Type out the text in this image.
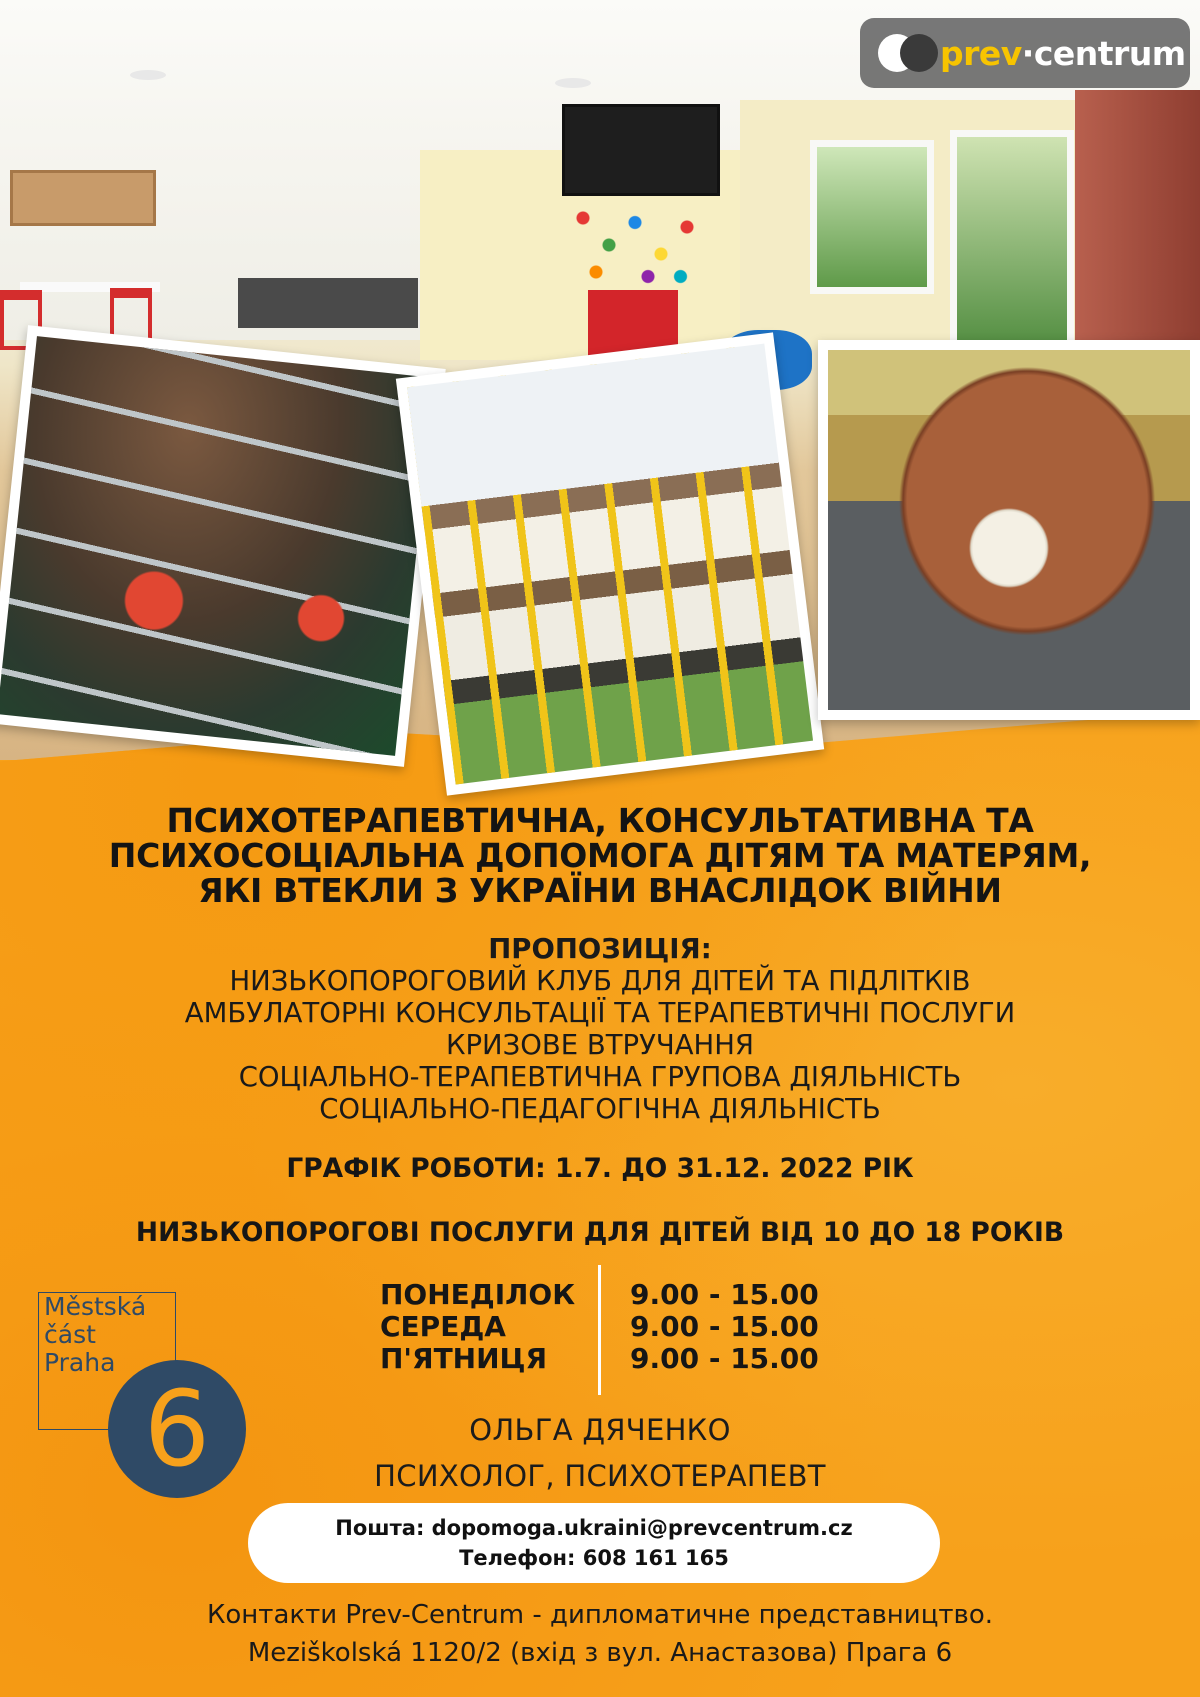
prev·centrum
ПСИХОТЕРАПЕВТИЧНА, КОНСУЛЬТАТИВНА ТА
ПСИХОСОЦІАЛЬНА ДОПОМОГА ДІТЯМ ТА МАТЕРЯМ,
ЯКІ ВТЕКЛИ З УКРАЇНИ ВНАСЛІДОК ВІЙНИ
ПРОПОЗИЦІЯ:
НИЗЬКОПОРОГОВИЙ КЛУБ ДЛЯ ДІТЕЙ ТА ПІДЛІТКІВ
АМБУЛАТОРНІ КОНСУЛЬТАЦІЇ ТА ТЕРАПЕВТИЧНІ ПОСЛУГИ
КРИЗОВЕ ВТРУЧАННЯ
СОЦІАЛЬНО-ТЕРАПЕВТИЧНА ГРУПОВА ДІЯЛЬНІСТЬ
СОЦІАЛЬНО-ПЕДАГОГІЧНА ДІЯЛЬНІСТЬ
ГРАФІК РОБОТИ: 1.7. ДО 31.12. 2022 РІК
НИЗЬКОПОРОГОВІ ПОСЛУГИ ДЛЯ ДІТЕЙ ВІД 10 ДО 18 РОКІВ
ПОНЕДІЛОК
СЕРЕДА
П'ЯТНИЦЯ
9.00 - 15.00
9.00 - 15.00
9.00 - 15.00
Městská
část
Praha
6	ОЛЬГА ДЯЧЕНКО
ПСИХОЛОГ, ПСИХОТЕРАПЕВТ
Пошта: dopomoga.ukraini@prevcentrum.cz
Телефон: 608 161 165
Контакти Prev-Centrum - дипломатичне представництво.
Meziškolská 1120/2 (вхід з вул. Анастазова) Прага 6
